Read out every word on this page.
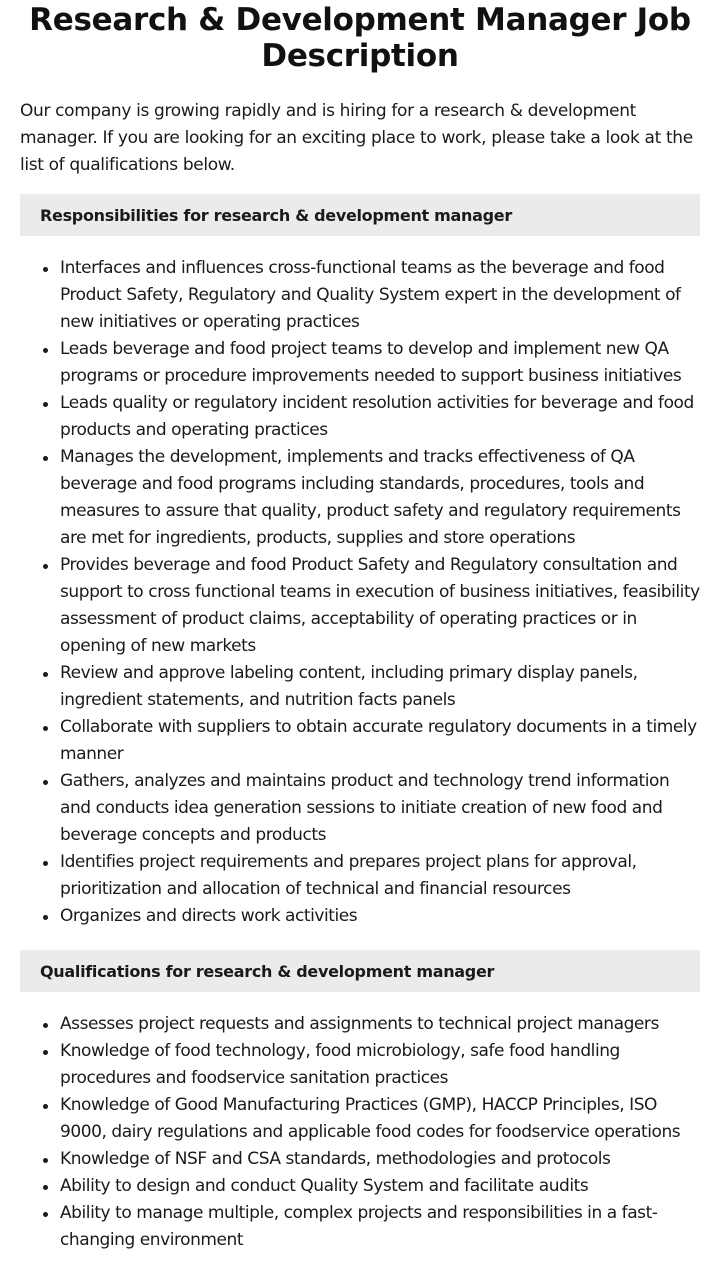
Research & Development Manager Job Description

Our company is growing rapidly and is hiring for a research & development manager. If you are looking for an exciting place to work, please take a look at the list of qualifications below.

Responsibilities for research & development manager
Interfaces and influences cross-functional teams as the beverage and food Product Safety, Regulatory and Quality System expert in the development of new initiatives or operating practices
Leads beverage and food project teams to develop and implement new QA programs or procedure improvements needed to support business initiatives
Leads quality or regulatory incident resolution activities for beverage and food products and operating practices
Manages the development, implements and tracks effectiveness of QA beverage and food programs including standards, procedures, tools and measures to assure that quality, product safety and regulatory requirements are met for ingredients, products, supplies and store operations
Provides beverage and food Product Safety and Regulatory consultation and support to cross functional teams in execution of business initiatives, feasibility assessment of product claims, acceptability of operating practices or in opening of new markets
Review and approve labeling content, including primary display panels, ingredient statements, and nutrition facts panels
Collaborate with suppliers to obtain accurate regulatory documents in a timely manner
Gathers, analyzes and maintains product and technology trend information and conducts idea generation sessions to initiate creation of new food and beverage concepts and products
Identifies project requirements and prepares project plans for approval, prioritization and allocation of technical and financial resources
Organizes and directs work activities
Qualifications for research & development manager
Assesses project requests and assignments to technical project managers
Knowledge of food technology, food microbiology, safe food handling procedures and foodservice sanitation practices
Knowledge of Good Manufacturing Practices (GMP), HACCP Principles, ISO 9000, dairy regulations and applicable food codes for foodservice operations
Knowledge of NSF and CSA standards, methodologies and protocols
Ability to design and conduct Quality System and facilitate audits
Ability to manage multiple, complex projects and responsibilities in a fast-changing environment
